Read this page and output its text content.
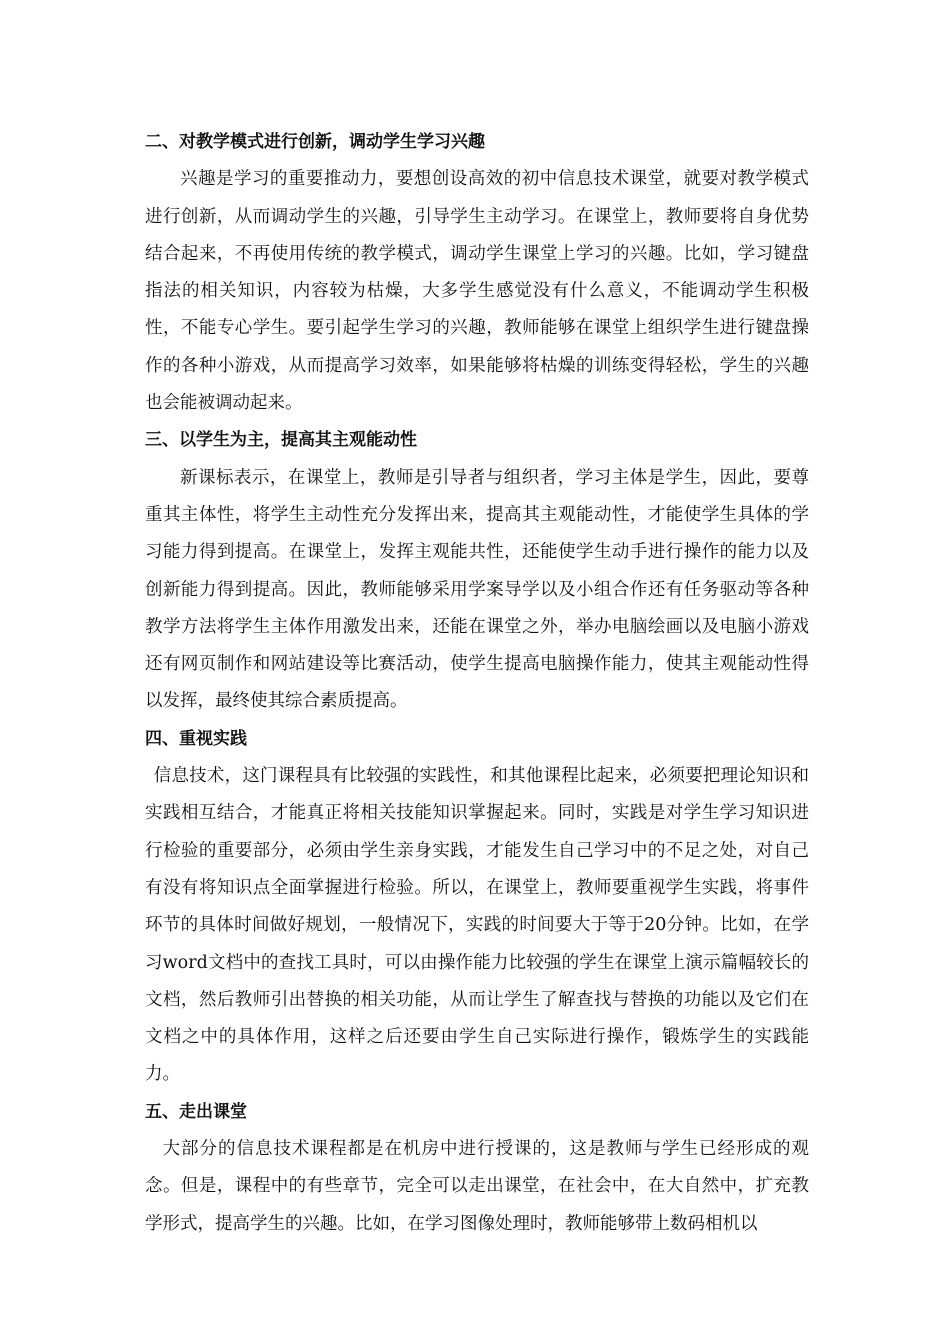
二、对教学模式进行创新，调动学生学习兴趣

兴趣是学习的重要推动力，要想创设高效的初中信息技术课堂，就要对教学模式进行创新，从而调动学生的兴趣，引导学生主动学习。在课堂上，教师要将自身优势结合起来，不再使用传统的教学模式，调动学生课堂上学习的兴趣。比如，学习键盘指法的相关知识，内容较为枯燥，大多学生感觉没有什么意义，不能调动学生积极性，不能专心学生。要引起学生学习的兴趣，教师能够在课堂上组织学生进行键盘操作的各种小游戏，从而提高学习效率，如果能够将枯燥的训练变得轻松，学生的兴趣也会能被调动起来。

三、以学生为主，提高其主观能动性

新课标表示，在课堂上，教师是引导者与组织者，学习主体是学生，因此，要尊重其主体性，将学生主动性充分发挥出来，提高其主观能动性，才能使学生具体的学习能力得到提高。在课堂上，发挥主观能共性，还能使学生动手进行操作的能力以及创新能力得到提高。因此，教师能够采用学案导学以及小组合作还有任务驱动等各种教学方法将学生主体作用激发出来，还能在课堂之外，举办电脑绘画以及电脑小游戏还有网页制作和网站建设等比赛活动，使学生提高电脑操作能力，使其主观能动性得以发挥，最终使其综合素质提高。

四、重视实践

信息技术，这门课程具有比较强的实践性，和其他课程比起来，必须要把理论知识和实践相互结合，才能真正将相关技能知识掌握起来。同时，实践是对学生学习知识进行检验的重要部分，必须由学生亲身实践，才能发生自己学习中的不足之处，对自己有没有将知识点全面掌握进行检验。所以，在课堂上，教师要重视学生实践，将事件环节的具体时间做好规划，一般情况下，实践的时间要大于等于20分钟。比如，在学习word文档中的查找工具时，可以由操作能力比较强的学生在课堂上演示篇幅较长的文档，然后教师引出替换的相关功能，从而让学生了解查找与替换的功能以及它们在文档之中的具体作用，这样之后还要由学生自己实际进行操作，锻炼学生的实践能力。

五、走出课堂

大部分的信息技术课程都是在机房中进行授课的，这是教师与学生已经形成的观念。但是，课程中的有些章节，完全可以走出课堂，在社会中，在大自然中，扩充教学形式，提高学生的兴趣。比如，在学习图像处理时，教师能够带上数码相机以
